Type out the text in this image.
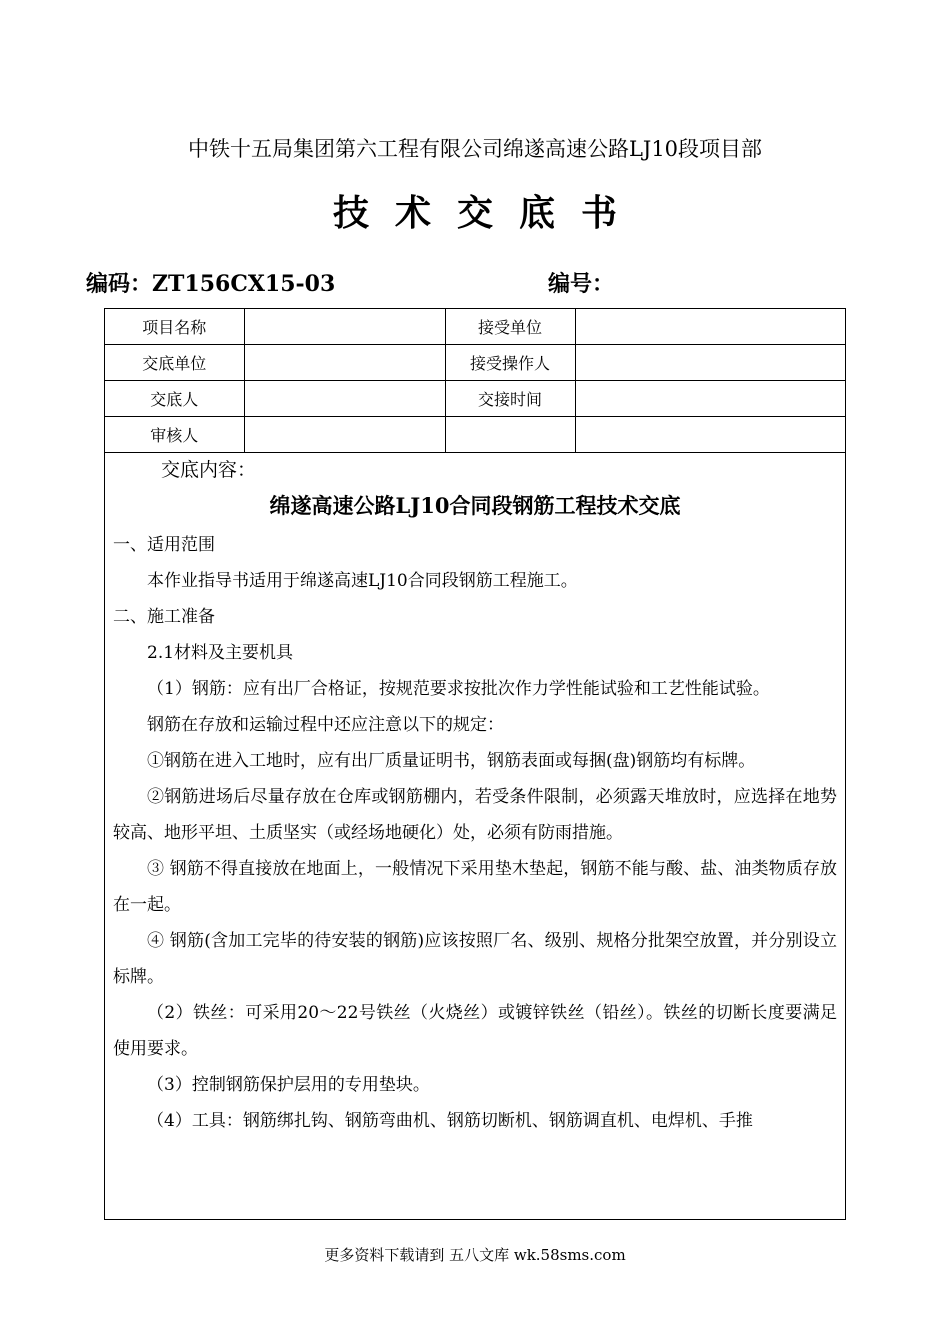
中铁十五局集团第六工程有限公司绵遂高速公路LJ10段项目部
技术交底书
编码：ZT156CX15-03	编号：
项目名称		接受单位	
交底单位		接受操作人	
交底人		交接时间	
审核人			
交底内容：
绵遂高速公路LJ10合同段钢筋工程技术交底

一、适用范围

本作业指导书适用于绵遂高速LJ10合同段钢筋工程施工。

二、施工准备

2.1材料及主要机具

（1）钢筋：应有出厂合格证，按规范要求按批次作力学性能试验和工艺性能试验。

钢筋在存放和运输过程中还应注意以下的规定：

①钢筋在进入工地时，应有出厂质量证明书，钢筋表面或每捆(盘)钢筋均有标牌。

②钢筋进场后尽量存放在仓库或钢筋棚内，若受条件限制，必须露天堆放时，应选择在地势较高、地形平坦、土质坚实（或经场地硬化）处，必须有防雨措施。

③ 钢筋不得直接放在地面上，一般情况下采用垫木垫起，钢筋不能与酸、盐、油类物质存放在一起。

④ 钢筋(含加工完毕的待安装的钢筋)应该按照厂名、级别、规格分批架空放置，并分别设立标牌。

（2）铁丝：可采用20～22号铁丝（火烧丝）或镀锌铁丝（铅丝）。铁丝的切断长度要满足使用要求。

（3）控制钢筋保护层用的专用垫块。

（4）工具：钢筋绑扎钩、钢筋弯曲机、钢筋切断机、钢筋调直机、电焊机、手推

更多资料下载请到 五八文库 wk.58sms.com
